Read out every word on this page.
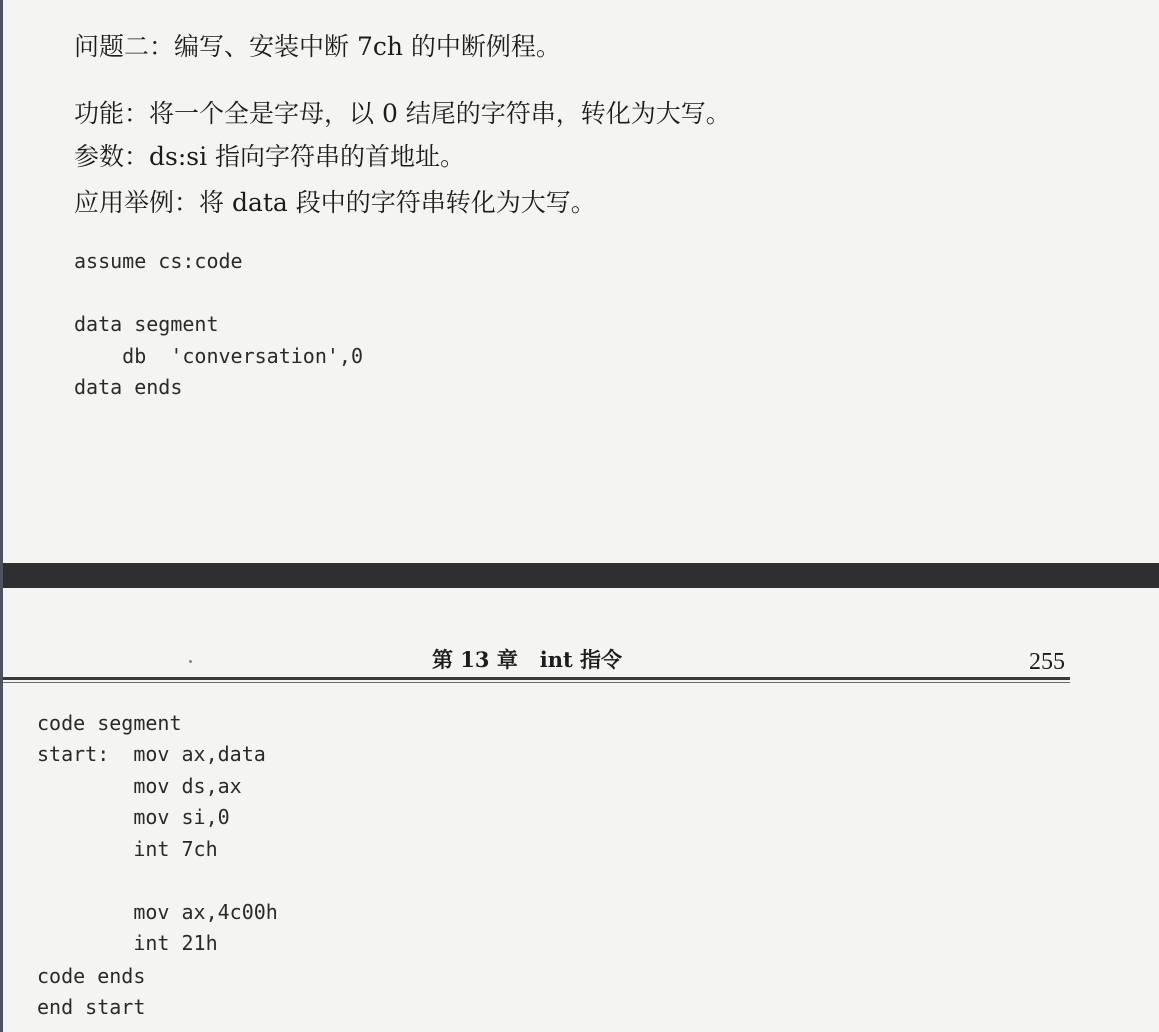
问题二：编写、安装中断 7ch 的中断例程。
功能：将一个全是字母，以 0 结尾的字符串，转化为大写。
参数：ds:si 指向字符串的首地址。
应用举例：将 data 段中的字符串转化为大写。
assume cs:code
data segment
db  'conversation',0
data ends
第 13 章   int 指令	255
code segment
start:  mov ax,data
mov ds,ax
mov si,0
int 7ch
mov ax,4c00h
int 21h
code ends
end start
